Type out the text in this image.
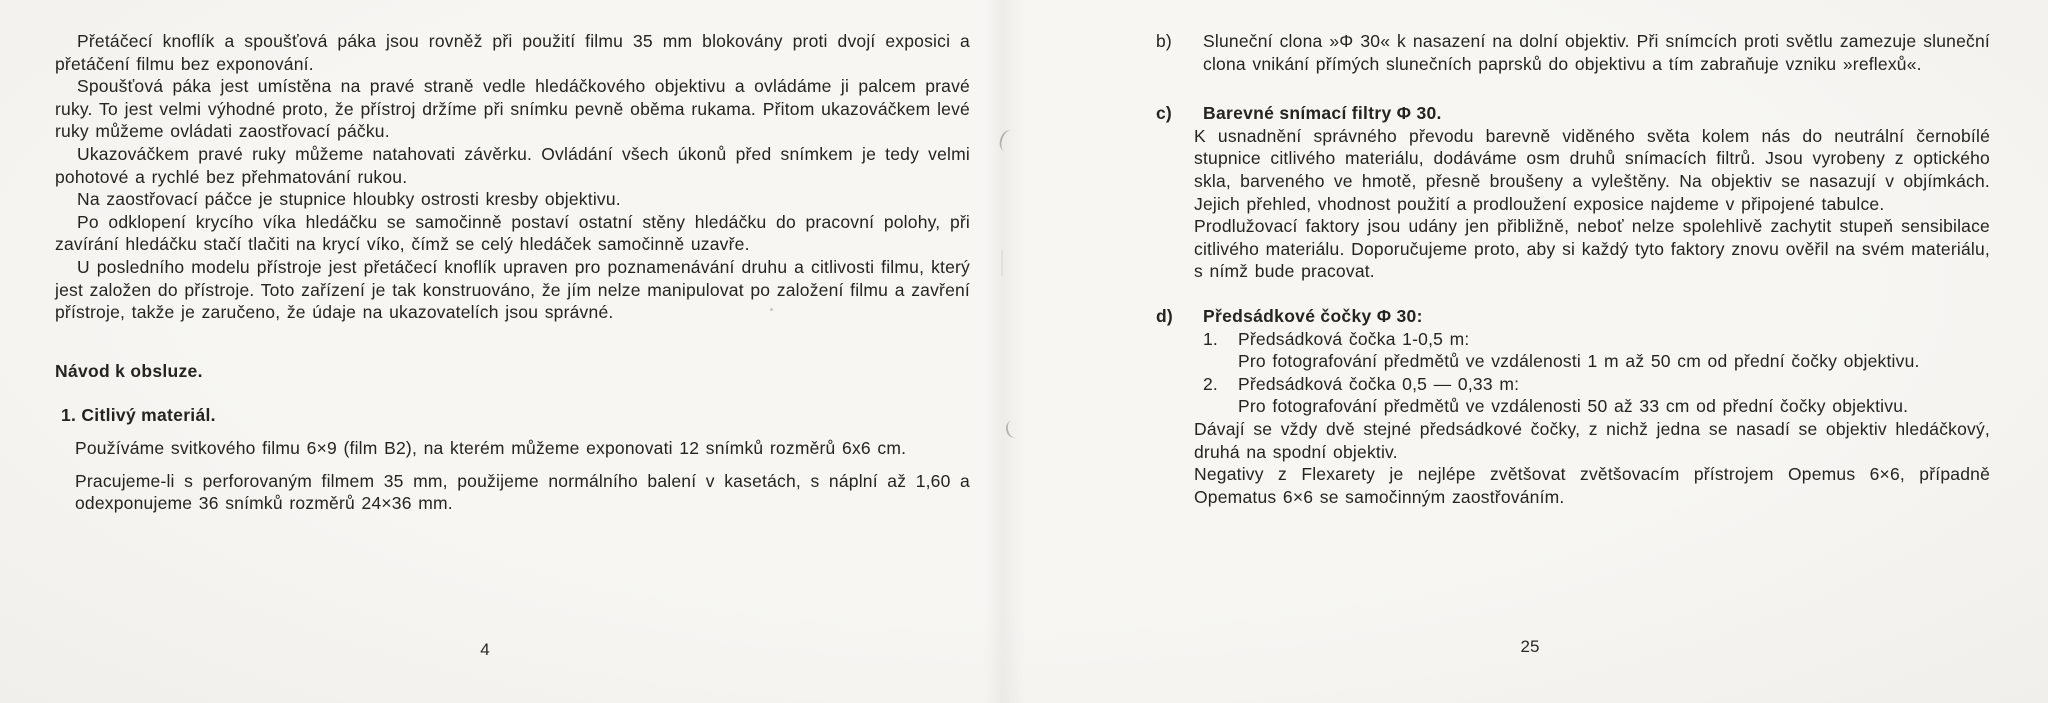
Přetáčecí knoflík a spoušťová páka jsou rovněž při použití filmu 35 mm blokovány proti dvojí exposici a přetáčení filmu bez exponování.

Spoušťová páka jest umístěna na pravé straně vedle hledáčkového objektivu a ovládáme ji palcem pravé ruky. To jest velmi výhodné proto, že přístroj držíme při snímku pevně oběma rukama. Přitom ukazováčkem levé ruky můžeme ovládati zaostřovací páčku.

Ukazováčkem pravé ruky můžeme natahovati závěrku. Ovládání všech úkonů před snímkem je tedy velmi pohotové a rychlé bez přehmatování rukou.

Na zaostřovací páčce je stupnice hloubky ostrosti kresby objektivu.

Po odklopení krycího víka hledáčku se samočinně postaví ostatní stěny hledáčku do pracovní polohy, při zavírání hledáčku stačí tlačiti na krycí víko, čímž se celý hledáček samočinně uzavře.

U posledního modelu přístroje jest přetáčecí knoflík upraven pro poznamenávání druhu a citlivosti filmu, který jest založen do přístroje. Toto zařízení je tak konstruováno, že jím nelze manipulovat po založení filmu a zavření přístroje, takže je zaručeno, že údaje na ukazovatelích jsou správné.

Návod k obsluze.
1. Citlivý materiál.

Používáme svitkového filmu 6×9 (film B2), na kterém můžeme exponovati 12 snímků rozměrů 6x6 cm.

Pracujeme-li s perforovaným filmem 35 mm, použijeme normálního balení v kasetách, s náplní až 1,60 a odexponujeme 36 snímků rozměrů 24×36 mm.

4
b) Sluneční clona »Φ 30« k nasazení na dolní objektiv. Při snímcích proti světlu zamezuje sluneční clona vnikání přímých slunečních paprsků do objektivu a tím zabraňuje vzniku »reflexů«.

c) Barevné snímací filtry Φ 30.

K usnadnění správného převodu barevně viděného světa kolem nás do neutrální černobílé stupnice citlivého materiálu, dodáváme osm druhů snímacích filtrů. Jsou vyrobeny z optického skla, barveného ve hmotě, přesně broušeny a vyleštěny. Na objektiv se nasazují v objímkách. Jejich přehled, vhodnost použití a prodloužení exposice najdeme v připojené tabulce.

Prodlužovací faktory jsou udány jen přibližně, neboť nelze spolehlivě zachytit stupeň sensibilace citlivého materiálu. Doporučujeme proto, aby si každý tyto faktory znovu ověřil na svém materiálu, s nímž bude pracovat.

d) Předsádkové čočky Φ 30:
1. Předsádková čočka 1-0,5 m:

Pro fotografování předmětů ve vzdálenosti 1 m až 50 cm od přední čočky objektivu.

2. Předsádková čočka 0,5 — 0,33 m:

Pro fotografování předmětů ve vzdálenosti 50 až 33 cm od přední čočky objektivu.

Dávají se vždy dvě stejné předsádkové čočky, z nichž jedna se nasadí se objektiv hledáčkový, druhá na spodní objektiv.

Negativy z Flexarety je nejlépe zvětšovat zvětšovacím přístrojem Opemus 6×6, případně Opematus 6×6 se samočinným zaostřováním.

25
